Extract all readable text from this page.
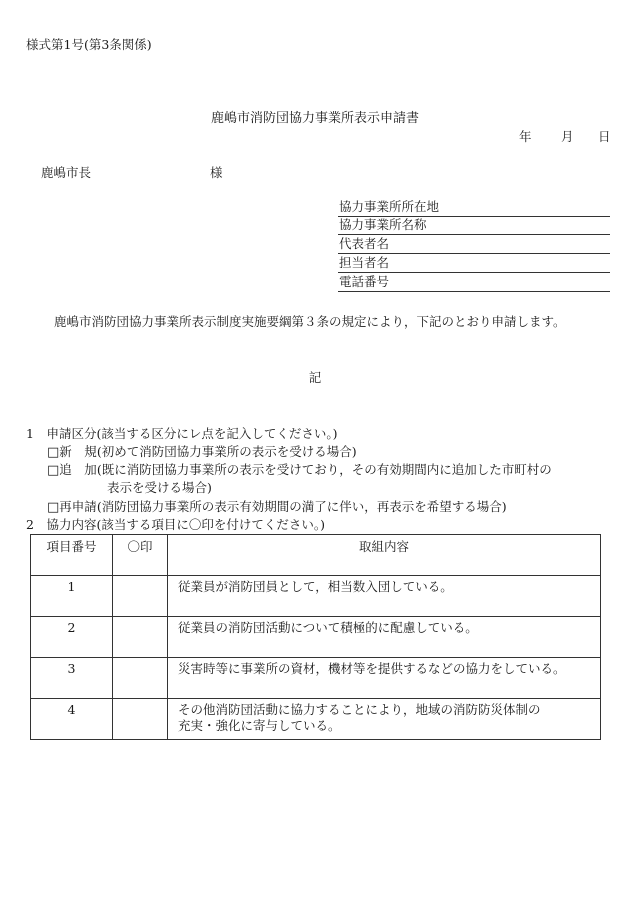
様式第1号(第3条関係)
鹿嶋市消防団協力事業所表示申請書
年 月 日
鹿嶋市長	様
協力事業所所在地
協力事業所名称
代表者名
担当者名
電話番号
鹿嶋市消防団協力事業所表示制度実施要綱第３条の規定により，下記のとおり申請します。
記
1　申請区分(該当する区分にレ点を記入してください。)
□新　規(初めて消防団協力事業所の表示を受ける場合)
□追　加(既に消防団協力事業所の表示を受けており，その有効期間内に追加した市町村の
表示を受ける場合)
□再申請(消防団協力事業所の表示有効期間の満了に伴い，再表示を希望する場合)
2　協力内容(該当する項目に〇印を付けてください。)
項目番号	〇印	取組内容
1		従業員が消防団員として，相当数入団している。
2		従業員の消防団活動について積極的に配慮している。
3		災害時等に事業所の資材，機材等を提供するなどの協力をしている。
4		その他消防団活動に協力することにより，地域の消防防災体制の
充実・強化に寄与している。
